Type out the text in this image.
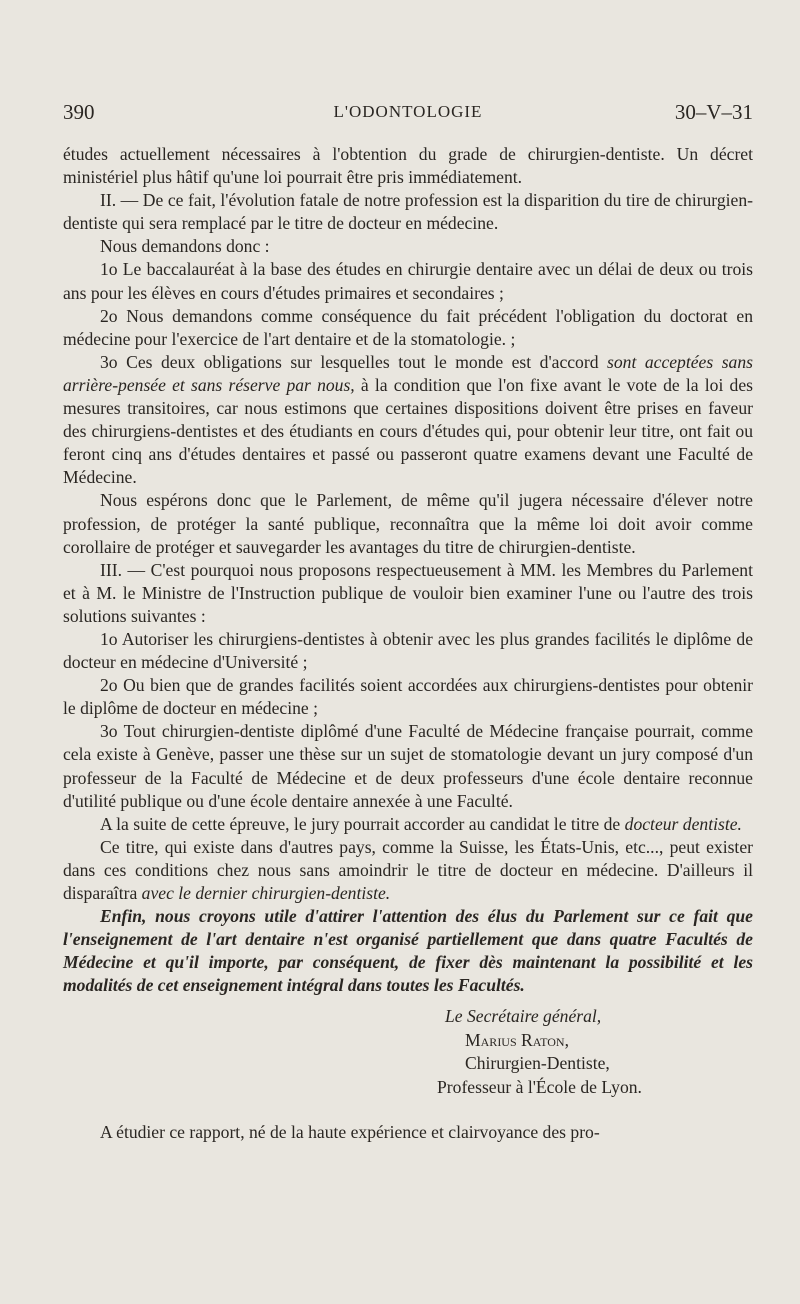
390	L'ODONTOLOGIE	30–V–31

études actuellement nécessaires à l'obtention du grade de chirurgien-dentiste. Un décret ministériel plus hâtif qu'une loi pourrait être pris immédiatement.

II. — De ce fait, l'évolution fatale de notre profession est la disparition du tire de chirurgien-dentiste qui sera remplacé par le titre de docteur en médecine.

Nous demandons donc :

1o Le baccalauréat à la base des études en chirurgie dentaire avec un délai de deux ou trois ans pour les élèves en cours d'études primaires et secondaires ;

2o Nous demandons comme conséquence du fait précédent l'obligation du doctorat en médecine pour l'exercice de l'art dentaire et de la stomatologie. ;

3o Ces deux obligations sur lesquelles tout le monde est d'accord sont acceptées sans arrière-pensée et sans réserve par nous, à la condition que l'on fixe avant le vote de la loi des mesures transitoires, car nous estimons que certaines dispositions doivent être prises en faveur des chirurgiens-dentistes et des étudiants en cours d'études qui, pour obtenir leur titre, ont fait ou feront cinq ans d'études dentaires et passé ou passeront quatre examens devant une Faculté de Médecine.

Nous espérons donc que le Parlement, de même qu'il jugera nécessaire d'élever notre profession, de protéger la santé publique, reconnaîtra que la même loi doit avoir comme corollaire de protéger et sauvegarder les avantages du titre de chirurgien-dentiste.

III. — C'est pourquoi nous proposons respectueusement à MM. les Membres du Parlement et à M. le Ministre de l'Instruction publique de vouloir bien examiner l'une ou l'autre des trois solutions suivantes :

1o Autoriser les chirurgiens-dentistes à obtenir avec les plus grandes facilités le diplôme de docteur en médecine d'Université ;

2o Ou bien que de grandes facilités soient accordées aux chirurgiens-dentistes pour obtenir le diplôme de docteur en médecine ;

3o Tout chirurgien-dentiste diplômé d'une Faculté de Médecine française pourrait, comme cela existe à Genève, passer une thèse sur un sujet de stomatologie devant un jury composé d'un professeur de la Faculté de Médecine et de deux professeurs d'une école dentaire reconnue d'utilité publique ou d'une école dentaire annexée à une Faculté.

A la suite de cette épreuve, le jury pourrait accorder au candidat le titre de docteur dentiste.

Ce titre, qui existe dans d'autres pays, comme la Suisse, les États-Unis, etc..., peut exister dans ces conditions chez nous sans amoindrir le titre de docteur en médecine. D'ailleurs il disparaîtra avec le dernier chirurgien-dentiste.

Enfin, nous croyons utile d'attirer l'attention des élus du Parlement sur ce fait que l'enseignement de l'art dentaire n'est organisé partiellement que dans quatre Facultés de Médecine et qu'il importe, par conséquent, de fixer dès maintenant la possibilité et les modalités de cet enseignement intégral dans toutes les Facultés.

Le Secrétaire général,
Marius Raton,
Chirurgien-Dentiste,
Professeur à l'École de Lyon.

A étudier ce rapport, né de la haute expérience et clairvoyance des pro-
